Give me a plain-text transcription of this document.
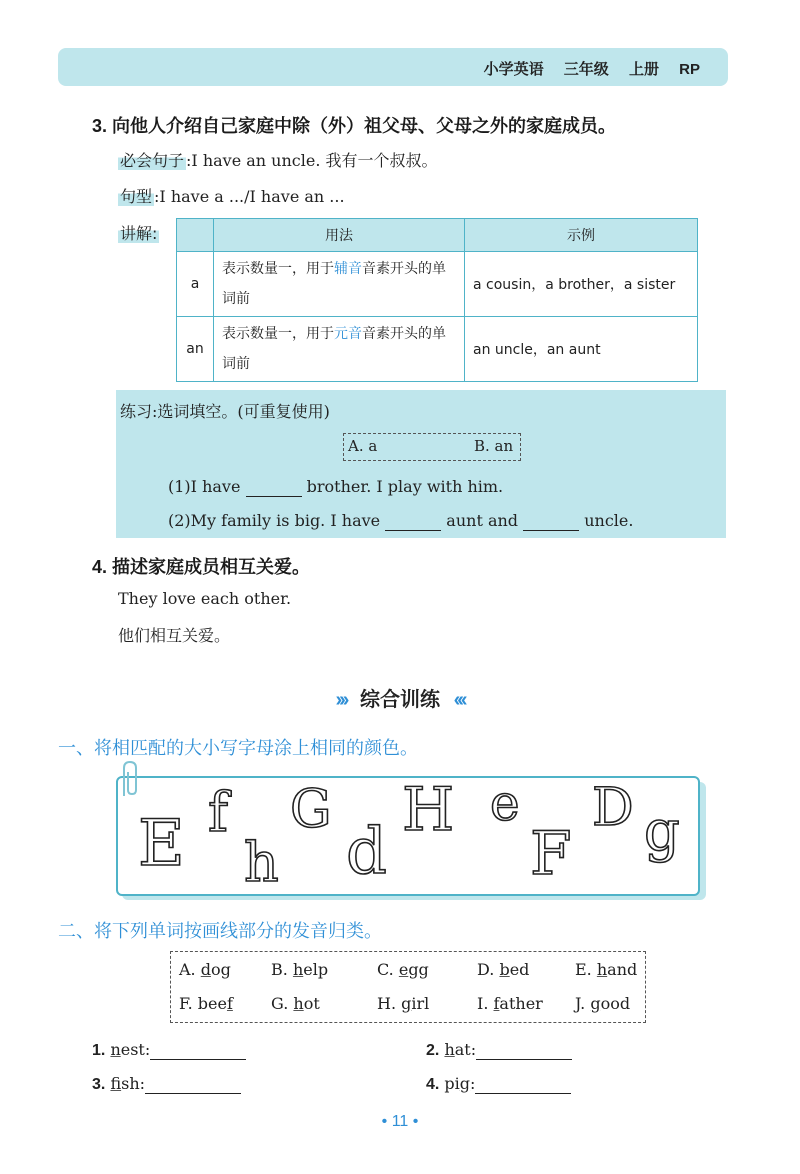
小学英语 三年级 上册 RP
3. 向他人介绍自己家庭中除（外）祖父母、父母之外的家庭成员。
必会句子 :I have an uncle. 我有一个叔叔。
句型 :I have a .../I have an ...
讲解:
		用法	示例
a	表示数量一，用于辅音音素开头的单词前	a cousin，a brother，a sister
an	表示数量一，用于元音音素开头的单词前	an uncle，an aunt
练习:选词填空。(可重复使用)
A. a	B. an
(1)I have	brother. I play with him.
(2)My family is big. I have	aunt and	uncle.
4. 描述家庭成员相互关爱。
They love each other.
他们相互关爱。
››› 综合训练 ‹‹‹
一、将相匹配的大小写字母涂上相同的颜色。
E f
h
G
d
H e
F
D g
二、将下列单词按画线部分的发音归类。
A. dog	B. help	C. egg	D. bed	E. hand
F. beef G. hot	H. girl	I. father J. good
1. nest:	2. hat:
3. fish:	4. pig:
• 11 •
